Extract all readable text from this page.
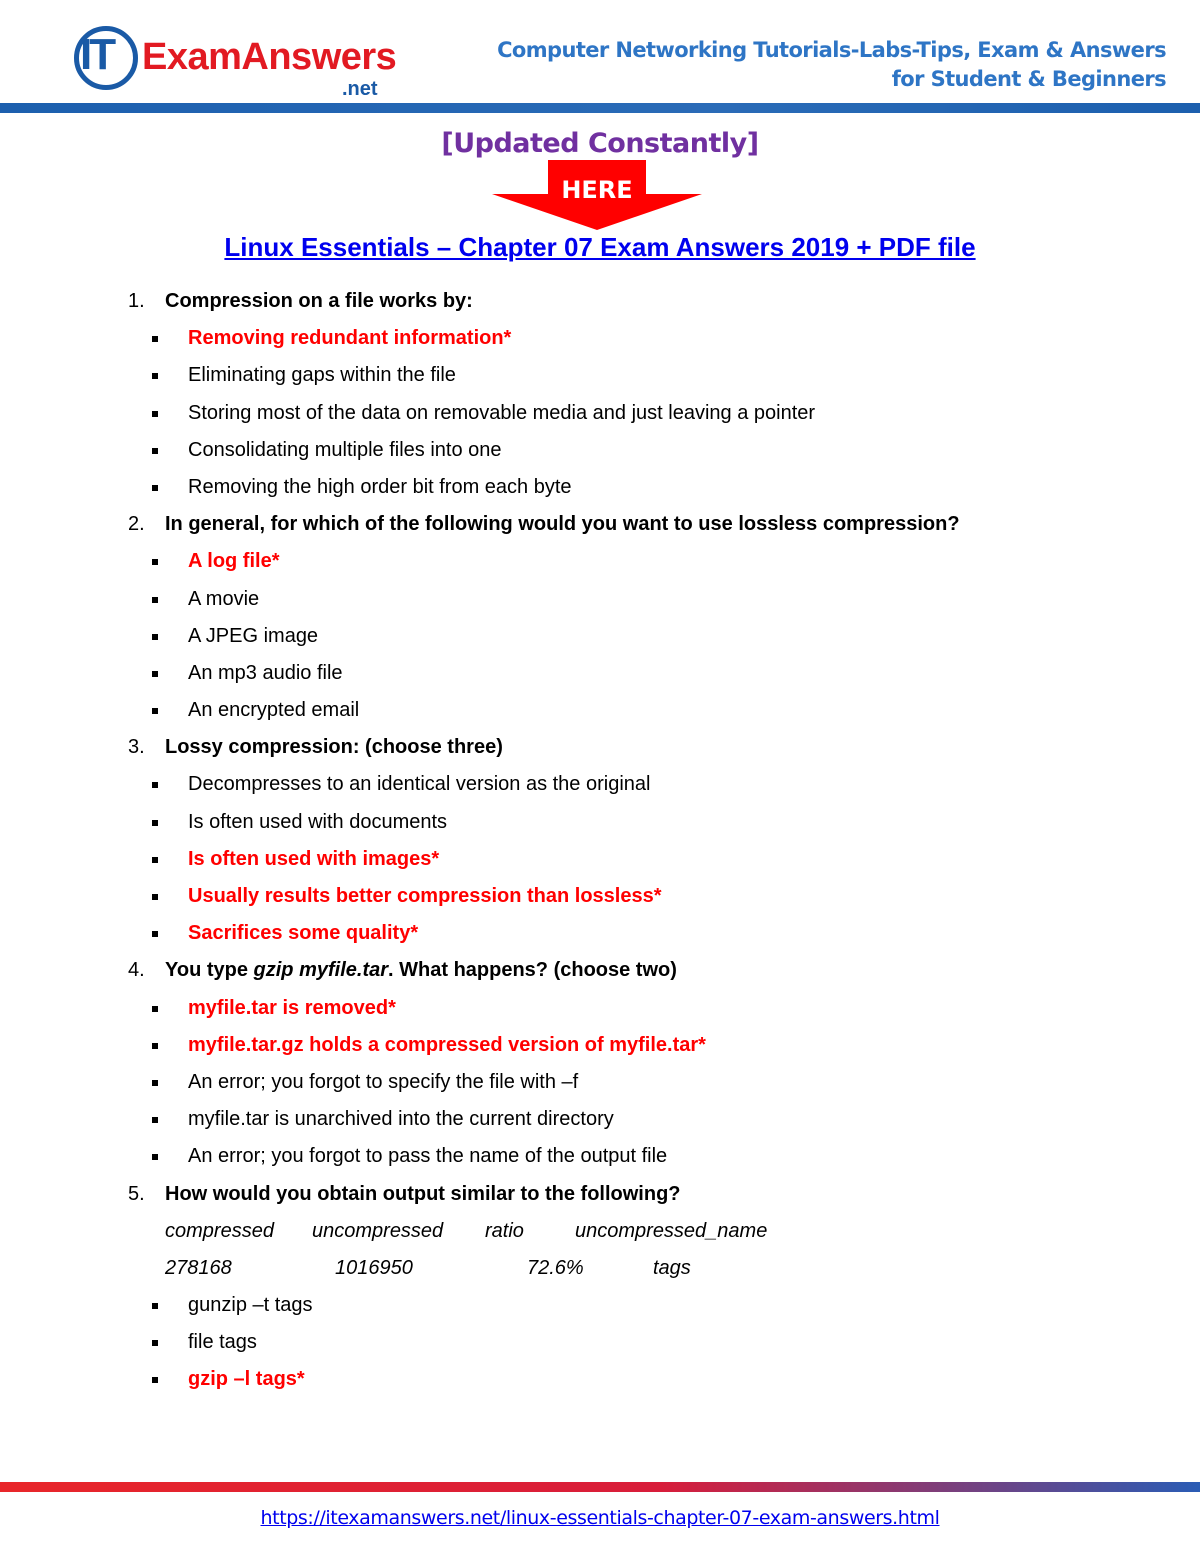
IT ExamAnswers
.net
Computer Networking Tutorials-Labs-Tips, Exam & Answers
for Student & Beginners
[Updated Constantly]
HERE
Linux Essentials – Chapter 07 Exam Answers 2019 + PDF file
1. Compression on a file works by:
Removing redundant information*
Eliminating gaps within the file
Storing most of the data on removable media and just leaving a pointer
Consolidating multiple files into one
Removing the high order bit from each byte
2. In general, for which of the following would you want to use lossless compression?
A log file*
A movie
A JPEG image
An mp3 audio file
An encrypted email
3. Lossy compression: (choose three)
Decompresses to an identical version as the original
Is often used with documents
Is often used with images*
Usually results better compression than lossless*
Sacrifices some quality*
4. You type gzip myfile.tar. What happens? (choose two)
myfile.tar is removed*
myfile.tar.gz holds a compressed version of myfile.tar*
An error; you forgot to specify the file with –f
myfile.tar is unarchived into the current directory
An error; you forgot to pass the name of the output file
5. How would you obtain output similar to the following?
compressed uncompressed ratio	uncompressed_name
278168	1016950	72.6%	tags
gunzip –t tags
file tags
gzip –l tags*
https://itexamanswers.net/linux-essentials-chapter-07-exam-answers.html
